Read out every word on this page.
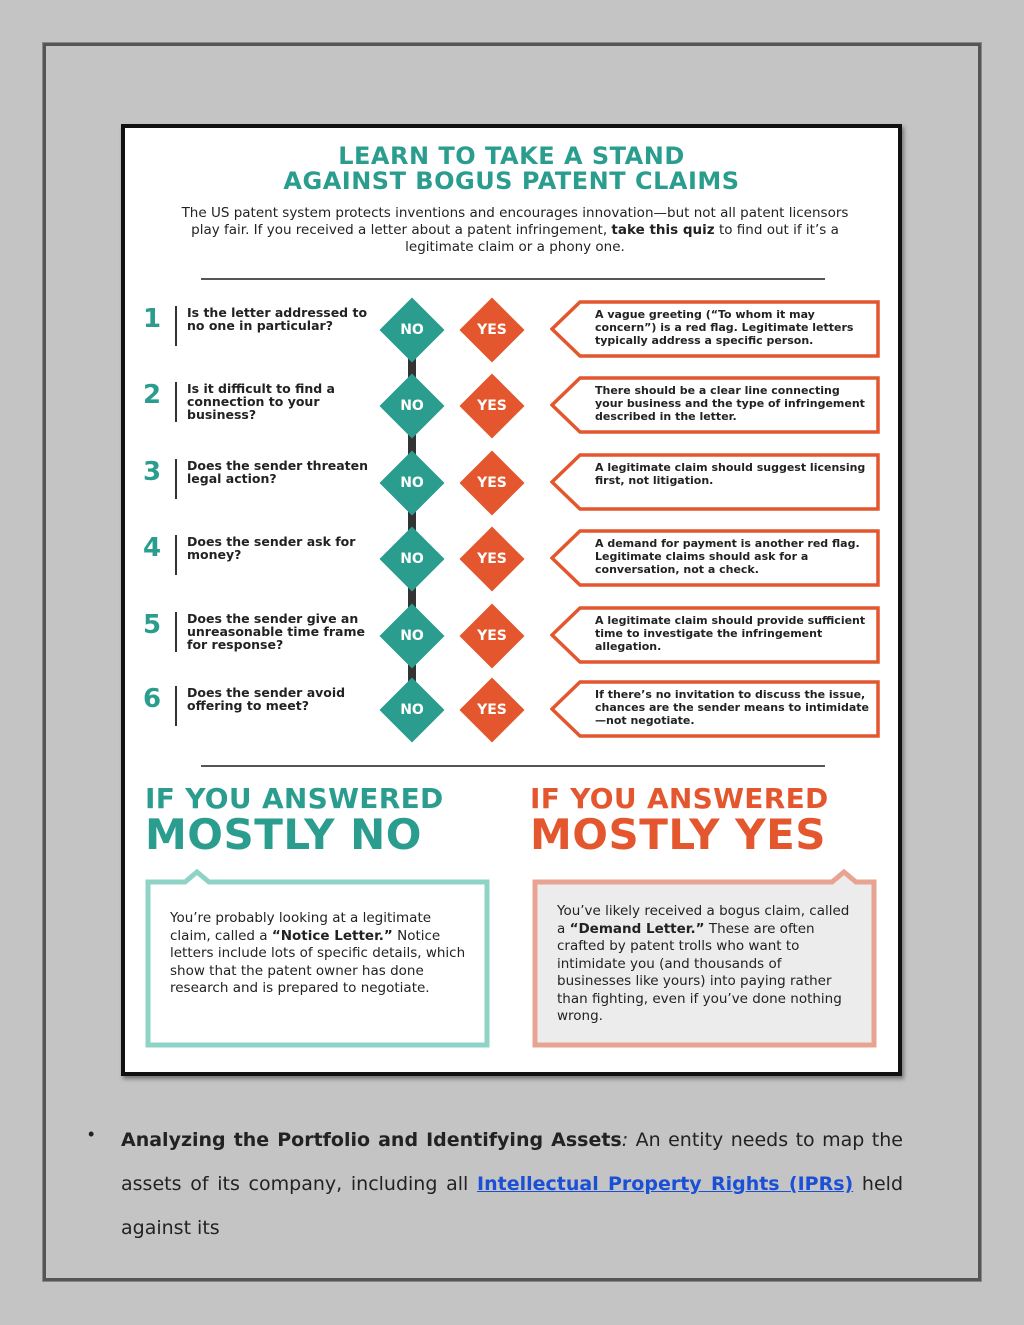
LEARN TO TAKE A STAND
AGAINST BOGUS PATENT CLAIMS
The US patent system protects inventions and encourages innovation—but not all patent licensors play fair. If you received a letter about a patent infringement, take this quiz to find out if it’s a legitimate claim or a phony one.
1 Is the letter addressed to no one in particular?	NO	YES
A vague greeting (“To whom it may concern”) is a red flag. Legitimate letters typically address a specific person.
2 Is it difficult to find a connection to your business?
NO	YES
There should be a clear line connecting your business and the type of infringement described in the letter.
3 Does the sender threaten legal action?	NO	YES
A legitimate claim should suggest licensing first, not litigation.
4 Does the sender ask for money?	NO	YES
A demand for payment is another red flag. Legitimate claims should ask for a conversation, not a check.
5 Does the sender give an unreasonable time frame for response?
NO	YES
A legitimate claim should provide sufficient time to investigate the infringement allegation.
6 Does the sender avoid offering to meet?	NO	YES
If there’s no invitation to discuss the issue, chances are the sender means to intimidate—not negotiate.
IF YOU ANSWERED
MOSTLY NO
IF YOU ANSWERED
MOSTLY YES
You’re probably looking at a legitimate claim, called a “Notice Letter.” Notice letters include lots of specific details, which show that the patent owner has done research and is prepared to negotiate.
You’ve likely received a bogus claim, called a “Demand Letter.” These are often crafted by patent trolls who want to intimidate you (and thousands of businesses like yours) into paying rather than fighting, even if you’ve done nothing wrong.
• Analyzing the Portfolio and Identifying Assets: An entity needs to map the assets of its company, including all Intellectual Property Rights (IPRs) held against its
